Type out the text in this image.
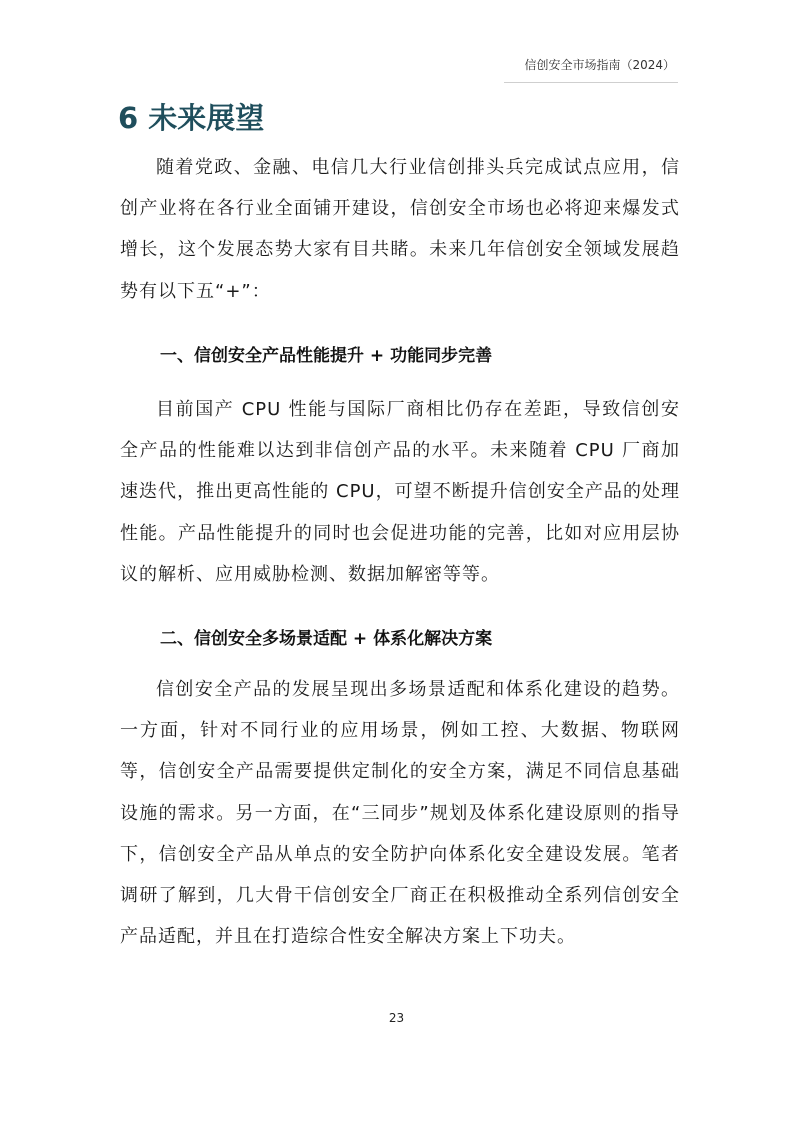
信创安全市场指南（2024）
6 未来展望

随着党政、金融、电信几大行业信创排头兵完成试点应用，信创产业将在各行业全面铺开建设，信创安全市场也必将迎来爆发式增长，这个发展态势大家有目共睹。未来几年信创安全领域发展趋势有以下五“+”：

一、信创安全产品性能提升 + 功能同步完善

目前国产 CPU 性能与国际厂商相比仍存在差距，导致信创安全产品的性能难以达到非信创产品的水平。未来随着 CPU 厂商加速迭代，推出更高性能的 CPU，可望不断提升信创安全产品的处理性能。产品性能提升的同时也会促进功能的完善，比如对应用层协议的解析、应用威胁检测、数据加解密等等。

二、信创安全多场景适配 + 体系化解决方案

信创安全产品的发展呈现出多场景适配和体系化建设的趋势。一方面，针对不同行业的应用场景，例如工控、大数据、物联网等，信创安全产品需要提供定制化的安全方案，满足不同信息基础设施的需求。另一方面，在“三同步”规划及体系化建设原则的指导下，信创安全产品从单点的安全防护向体系化安全建设发展。笔者调研了解到，几大骨干信创安全厂商正在积极推动全系列信创安全产品适配，并且在打造综合性安全解决方案上下功夫。

23
